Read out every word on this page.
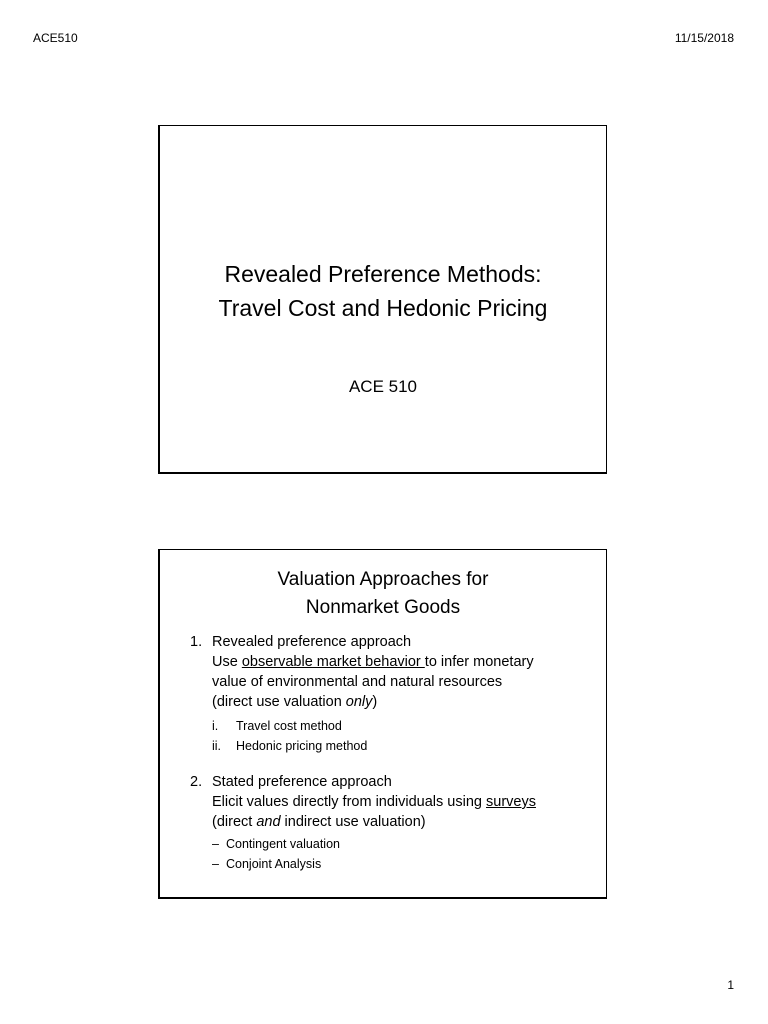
ACE510	11/15/2018
Revealed Preference Methods:
Travel Cost and Hedonic Pricing
ACE 510
Valuation Approaches for
Nonmarket Goods
1. Revealed preference approach
Use observable market behavior to infer monetary
value of environmental and natural resources
(direct use valuation only)
i.	Travel cost method
ii.	Hedonic pricing method
2. Stated preference approach
Elicit values directly from individuals using surveys
(direct and indirect use valuation)
– Contingent valuation
– Conjoint Analysis
1
